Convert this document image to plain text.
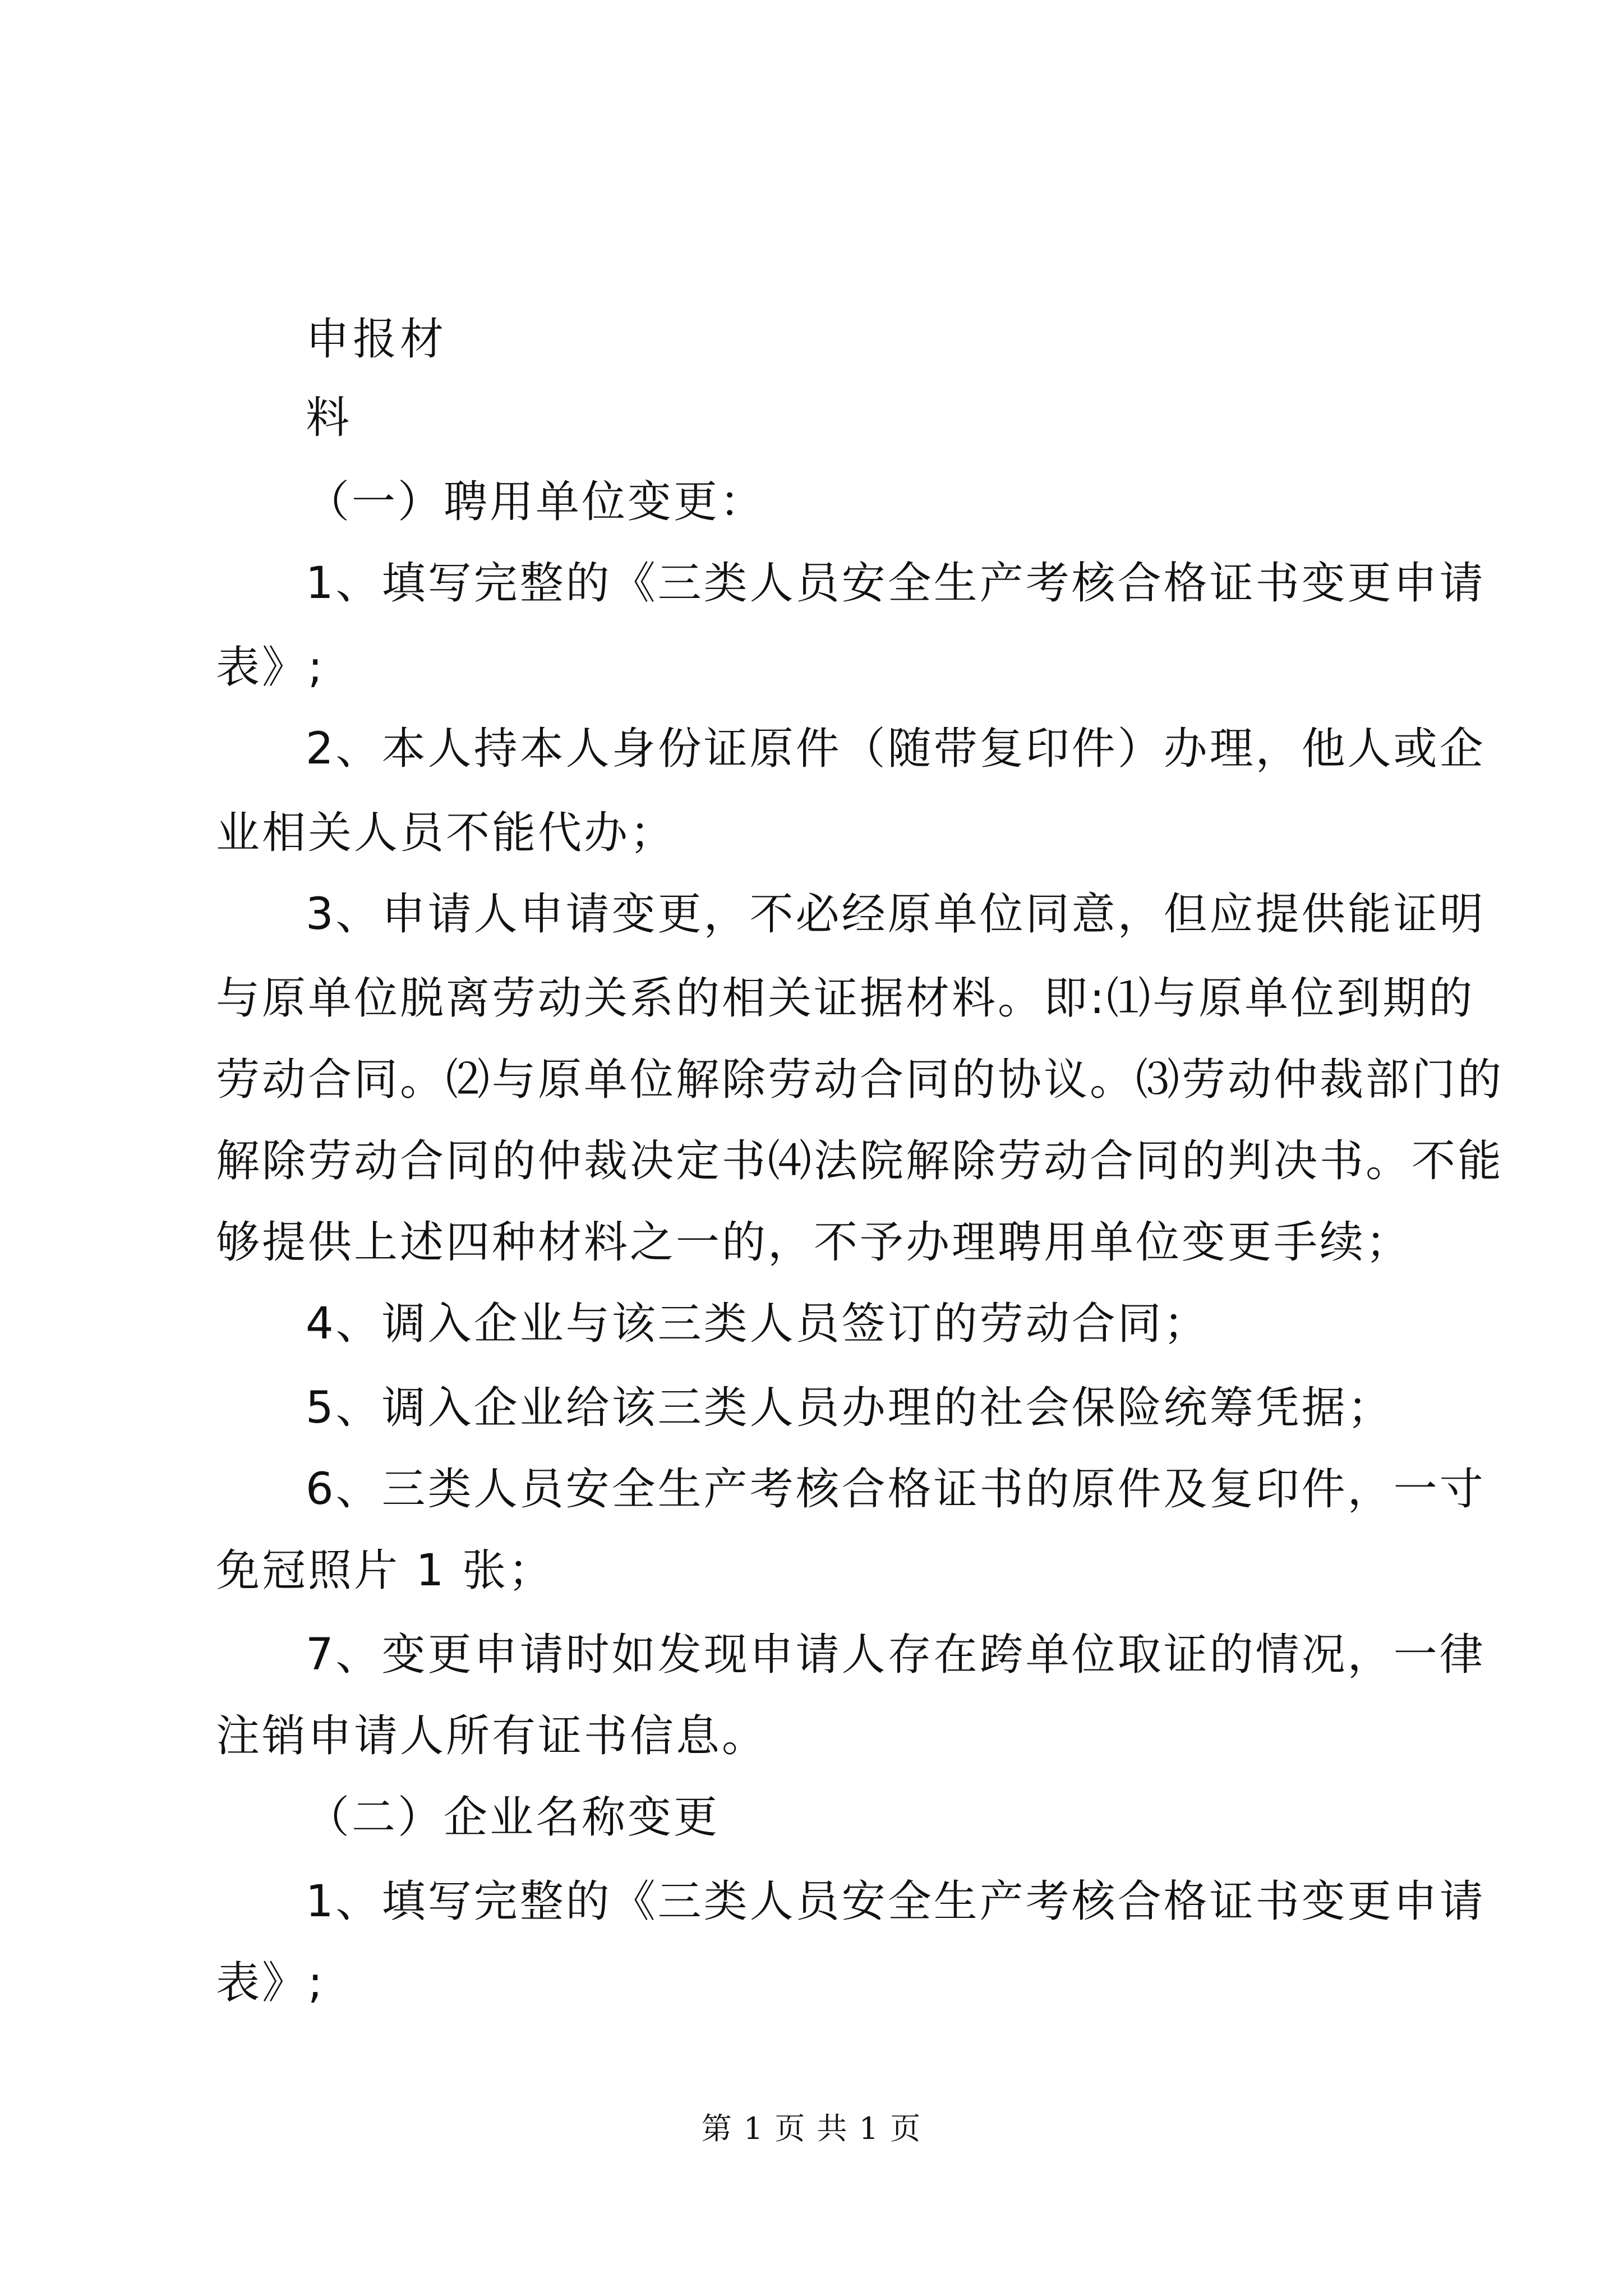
申报材
料
（一）聘用单位变更：
1、填写完整的《三类人员安全生产考核合格证书变更申请
表》;
2、本人持本人身份证原件（随带复印件）办理，他人或企
业相关人员不能代办；
3、申请人申请变更，不必经原单位同意，但应提供能证明
与原单位脱离劳动关系的相关证据材料。即:⑴与原单位到期的
劳动合同。⑵与原单位解除劳动合同的协议。⑶劳动仲裁部门的
解除劳动合同的仲裁决定书⑷法院解除劳动合同的判决书。不能
够提供上述四种材料之一的，不予办理聘用单位变更手续；
4、调入企业与该三类人员签订的劳动合同；
5、调入企业给该三类人员办理的社会保险统筹凭据；
6、三类人员安全生产考核合格证书的原件及复印件，一寸
免冠照片 1 张；
7、变更申请时如发现申请人存在跨单位取证的情况，一律
注销申请人所有证书信息。
（二）企业名称变更
1、填写完整的《三类人员安全生产考核合格证书变更申请
表》;
第 1 页 共 1 页
